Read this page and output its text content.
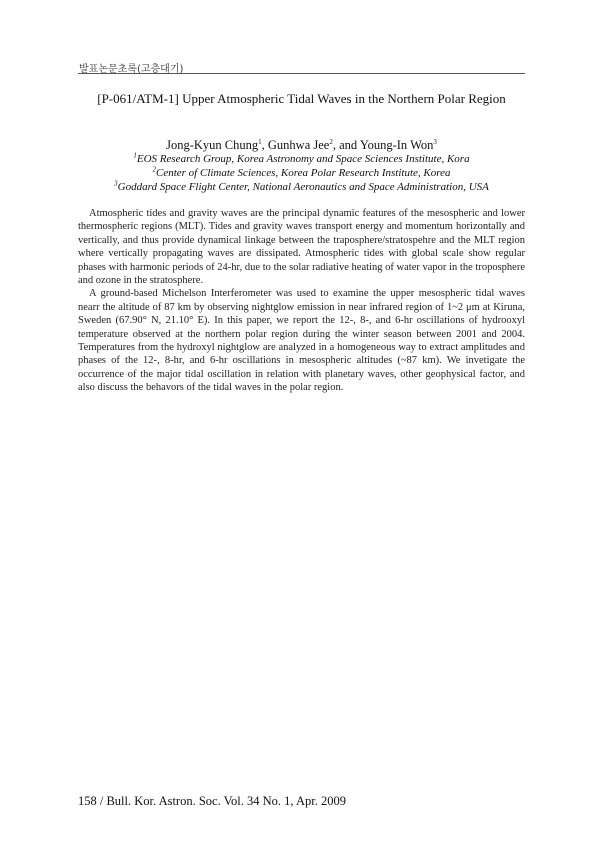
발표논문초록(고층대기)
[P-061/ATM-1] Upper Atmospheric Tidal Waves in the Northern Polar Region
Jong-Kyun Chung$^1$, Gunhwa Jee$^2$, and Young-In Won$^3$
$^1$EOS Research Group, Korea Astronomy and Space Sciences Institute, Kora
$^2$Center of Climate Sciences, Korea Polar Research Institute, Korea
$^3$Goddard Space Flight Center, National Aeronautics and Space Administration, USA

Atmospheric tides and gravity waves are the principal dynamic features of the mesospheric and lower thermospheric regions (MLT). Tides and gravity waves transport energy and momentum horizontally and vertically, and thus provide dynamical linkage between the traposphere/stratospehre and the MLT region where vertically propagating waves are dissipated. Atmospheric tides with global scale show regular phases with harmonic periods of 24-hr, due to the solar radiative heating of water vapor in the troposphere and ozone in the stratosphere.

A ground-based Michelson Interferometer was used to examine the upper mesospheric tidal waves nearr the altitude of 87 km by observing nightglow emission in near infrared region of 1~2 μm at Kiruna, Sweden (67.90° N, 21.10° E). In this paper, we report the 12-, 8-, and 6-hr oscillations of hydrooxyl temperature observed at the northern polar region during the winter season between 2001 and 2004. Temperatures from the hydroxyl nightglow are analyzed in a homogeneous way to extract amplitudes and phases of the 12-, 8-hr, and 6-hr oscillations in mesospheric altitudes (~87 km). We invetigate the occurrence of the major tidal oscillation in relation with planetary waves, other geophysical factor, and also discuss the behavors of the tidal waves in the polar region.

158 / Bull. Kor. Astron. Soc. Vol. 34 No. 1, Apr. 2009
